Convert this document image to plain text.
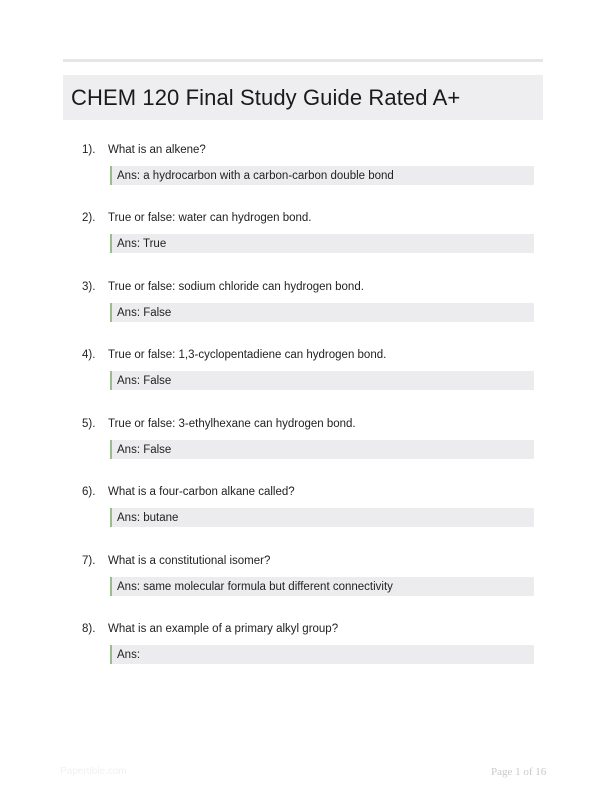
CHEM 120 Final Study Guide Rated A+
1). What is an alkene?
Ans: a hydrocarbon with a carbon-carbon double bond
2). True or false: water can hydrogen bond.
Ans: True
3). True or false: sodium chloride can hydrogen bond.
Ans: False
4). True or false: 1,3-cyclopentadiene can hydrogen bond.
Ans: False
5). True or false: 3-ethylhexane can hydrogen bond.
Ans: False
6). What is a four-carbon alkane called?
Ans: butane
7). What is a constitutional isomer?
Ans: same molecular formula but different connectivity
8). What is an example of a primary alkyl group?
Ans:
Papertible.com	Page 1 of 16
